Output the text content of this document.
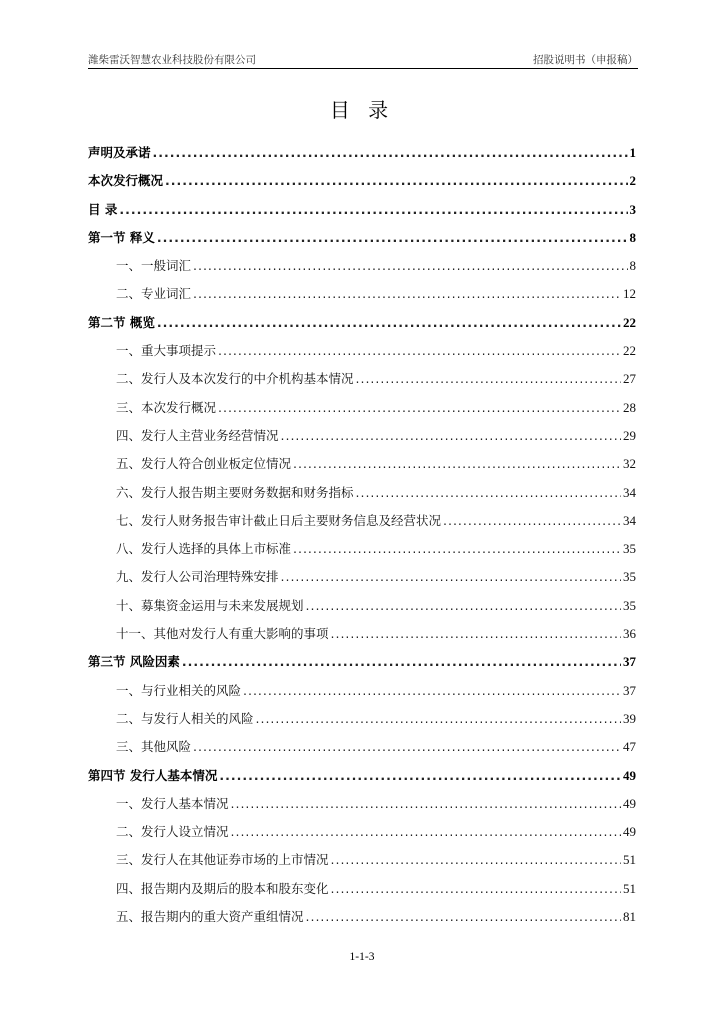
潍柴雷沃智慧农业科技股份有限公司	招股说明书（申报稿）
目 录
声明及承诺 .....	1
本次发行概况 .....	2
目 录 .....	3
第一节 释义 .....	8
一、一般词汇 .....	8
二、专业词汇 .....	12
第二节 概览 .....	22
一、重大事项提示 .....	22
二、发行人及本次发行的中介机构基本情况 .....	27
三、本次发行概况 .....	28
四、发行人主营业务经营情况 .....	29
五、发行人符合创业板定位情况 .....	32
六、发行人报告期主要财务数据和财务指标 .....	34
七、发行人财务报告审计截止日后主要财务信息及经营状况 .....	34
八、发行人选择的具体上市标准 .....	35
九、发行人公司治理特殊安排 .....	35
十、募集资金运用与未来发展规划 .....	35
十一、其他对发行人有重大影响的事项 .....	36
第三节 风险因素 .....	37
一、与行业相关的风险 .....	37
二、与发行人相关的风险 .....	39
三、其他风险 .....	47
第四节 发行人基本情况 .....	49
一、发行人基本情况 .....	49
二、发行人设立情况 .....	49
三、发行人在其他证券市场的上市情况 .....	51
四、报告期内及期后的股本和股东变化 .....	51
五、报告期内的重大资产重组情况 .....	81
1-1-3
